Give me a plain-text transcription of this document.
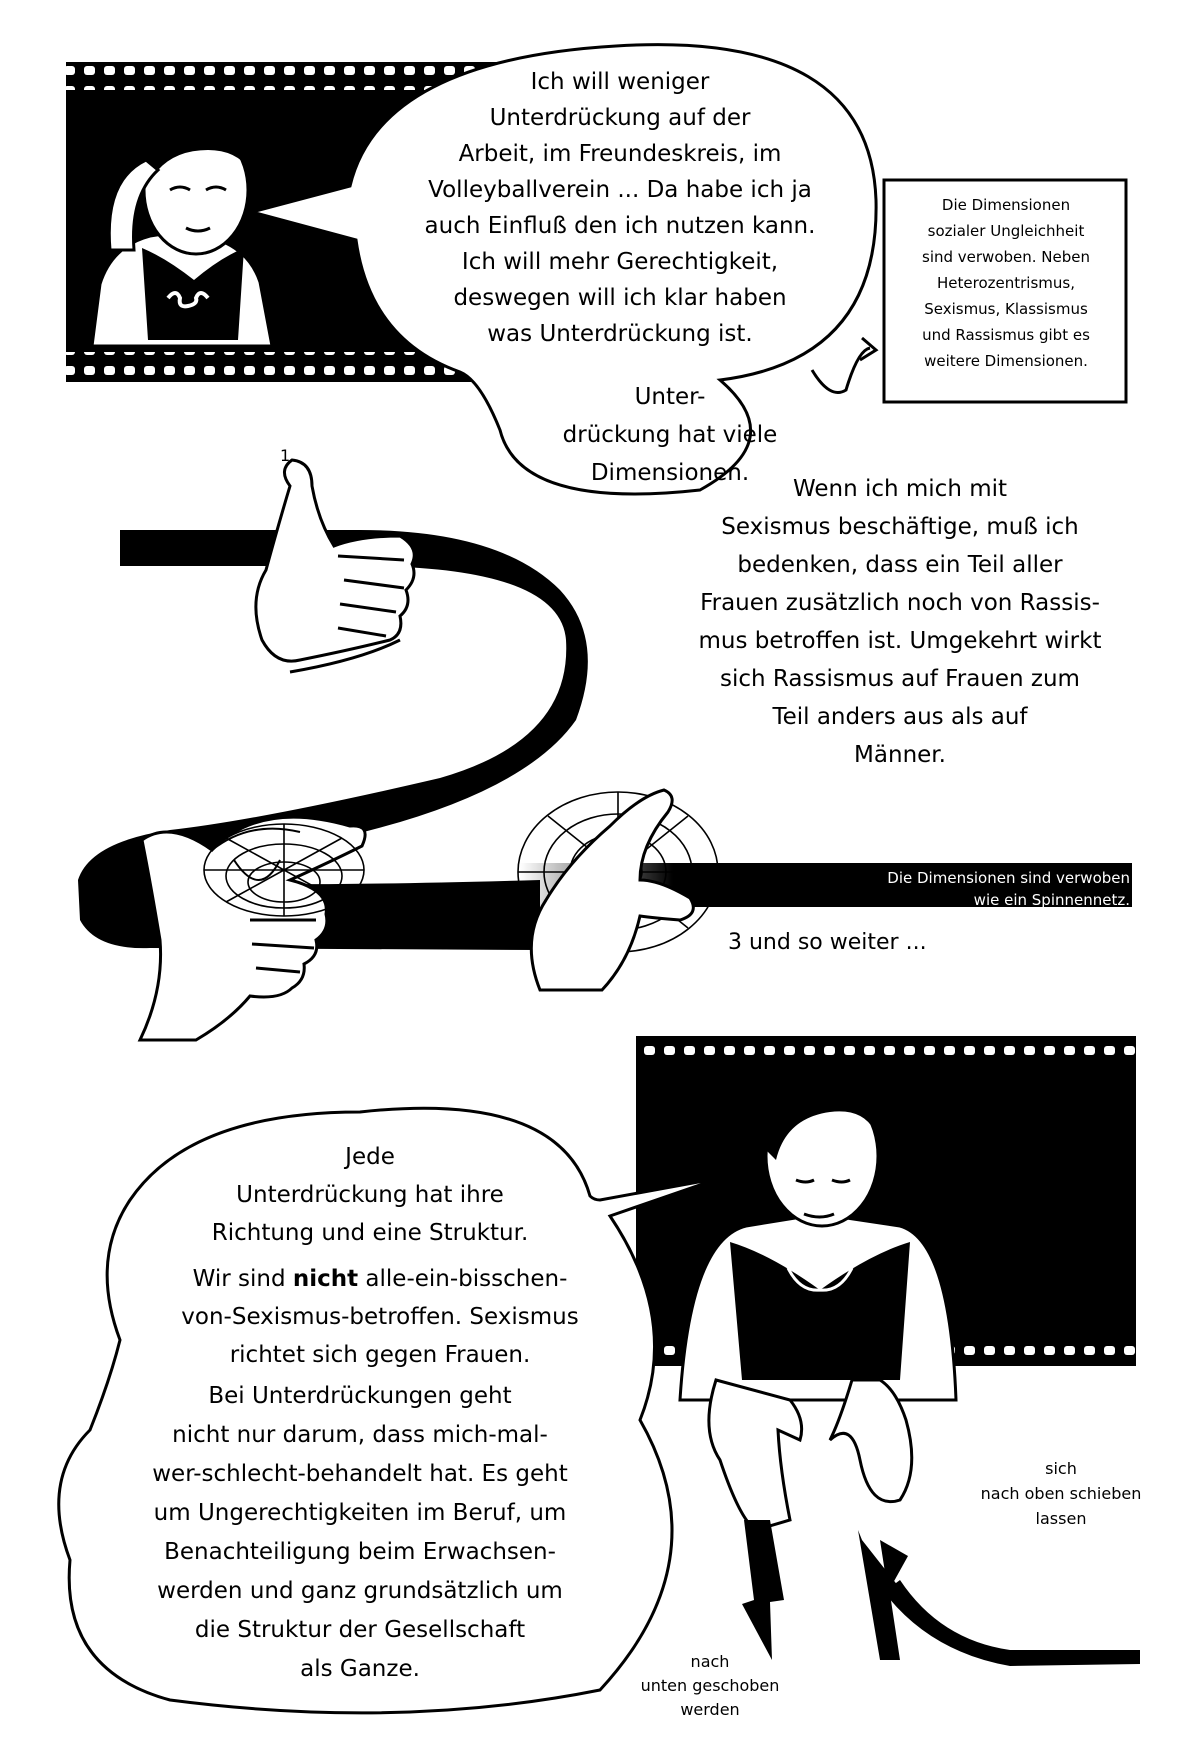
Ich will weniger
Unterdrückung auf der
Arbeit, im Freundeskreis, im
Volleyballverein ... Da habe ich ja
auch Einfluß den ich nutzen kann.
Ich will mehr Gerechtigkeit,
deswegen will ich klar haben
was Unterdrückung ist.
Unter-
drückung hat viele
Dimensionen.
Die Dimensionen
sozialer Ungleichheit
sind verwoben. Neben
Heterozentrismus,
Sexismus, Klassismus
und Rassismus gibt es
weitere Dimensionen.
1
2
Wenn ich mich mit
Sexismus beschäftige, muß ich
bedenken, dass ein Teil aller
Frauen zusätzlich noch von Rassis-
mus betroffen ist. Umgekehrt wirkt
sich Rassismus auf Frauen zum
Teil anders aus als auf
Männer.
Die Dimensionen sind verwoben
wie ein Spinnennetz.
3 und so weiter ...
Jede
Unterdrückung hat ihre
Richtung und eine Struktur.
Wir sind nicht alle-ein-bisschen-
von-Sexismus-betroffen. Sexismus
richtet sich gegen Frauen.
Bei Unterdrückungen geht
nicht nur darum, dass mich-mal-
wer-schlecht-behandelt hat. Es geht
um Ungerechtigkeiten im Beruf, um
Benachteiligung beim Erwachsen-
werden und ganz grundsätzlich um
die Struktur der Gesellschaft
als Ganze.
sich
nach oben schieben
lassen
nach
unten geschoben
werden
